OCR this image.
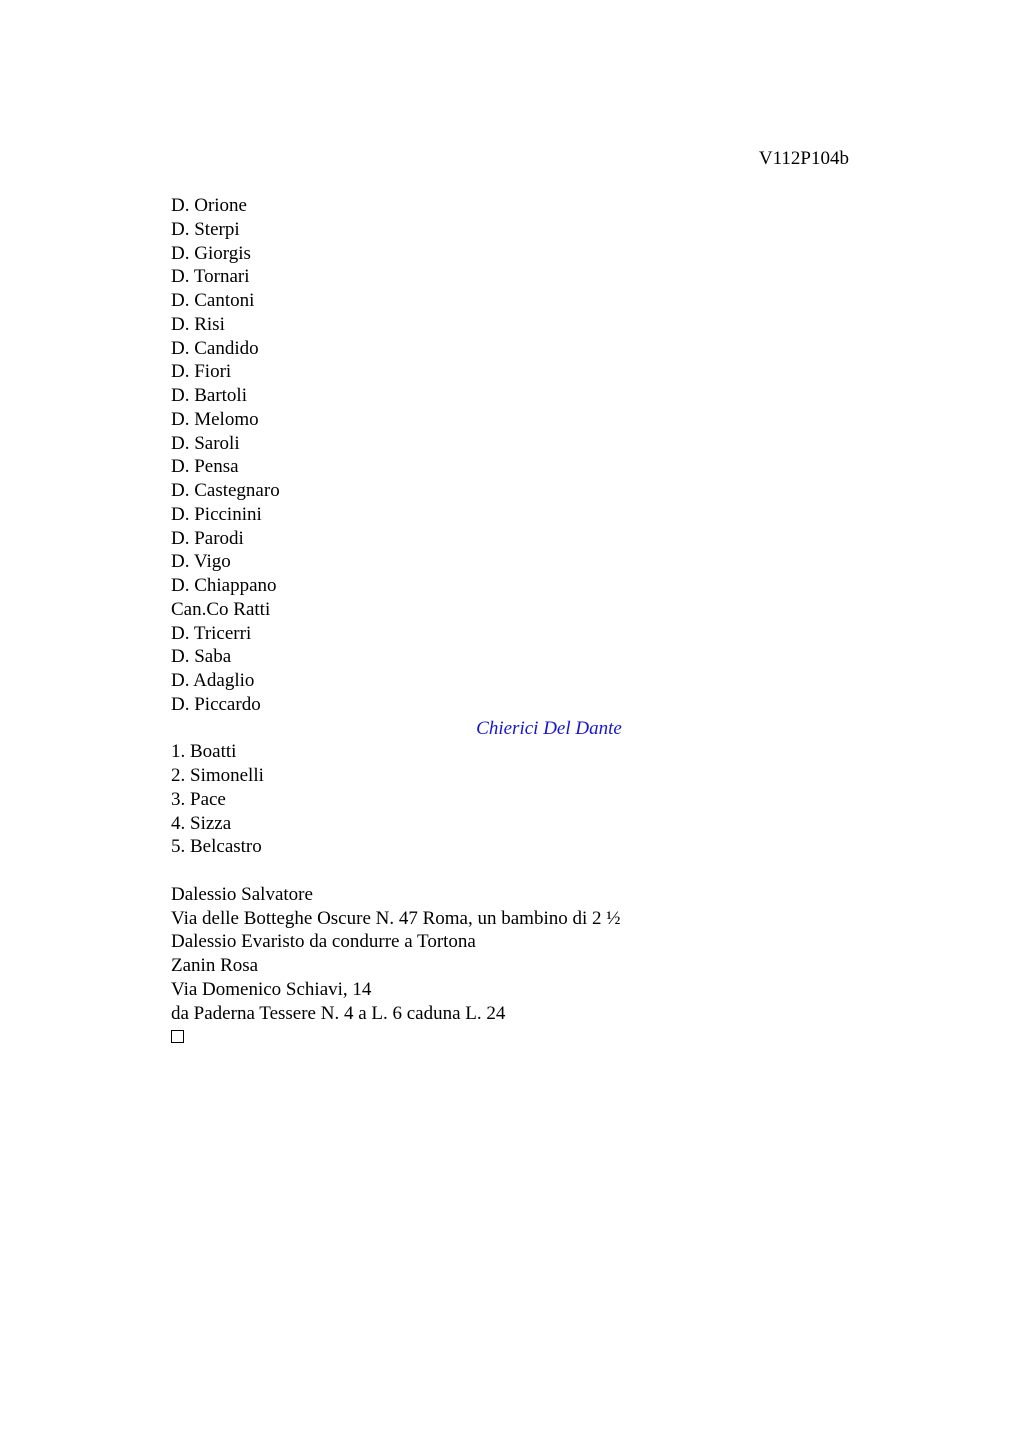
V112P104b
D. Orione
D. Sterpi
D. Giorgis
D. Tornari
D. Cantoni
D. Risi
D. Candido
D. Fiori
D. Bartoli
D. Melomo
D. Saroli
D. Pensa
D. Castegnaro
D. Piccinini
D. Parodi
D. Vigo
D. Chiappano
Can.Co Ratti
D. Tricerri
D. Saba
D. Adaglio
D. Piccardo
Chierici Del Dante
1. Boatti
2. Simonelli
3. Pace
4. Sizza
5. Belcastro
Dalessio Salvatore
Via delle Botteghe Oscure N. 47 Roma, un bambino di 2 ½
Dalessio Evaristo da condurre a Tortona
Zanin Rosa
Via Domenico Schiavi, 14
da Paderna Tessere N. 4 a L. 6 caduna L. 24
